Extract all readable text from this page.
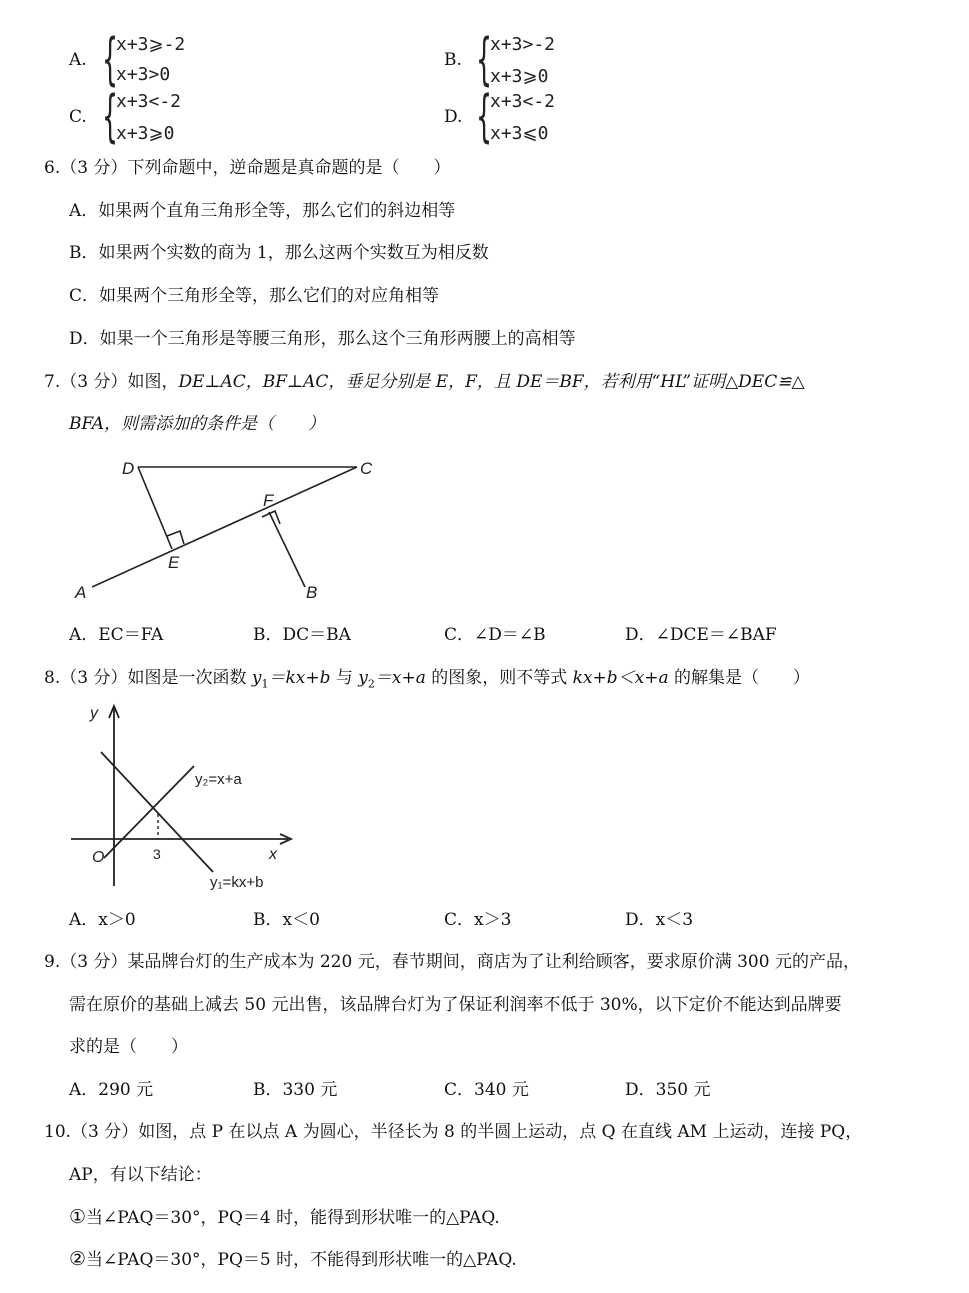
A. {
x+3⩾-2
x+3>0
B. {
x+3>-2
x+3⩾0
C. {
x+3<-2
x+3⩾0
D. {
x+3<-2
x+3⩽0
6.（3 分）下列命题中，逆命题是真命题的是（　　）
A．如果两个直角三角形全等，那么它们的斜边相等
B．如果两个实数的商为 1，那么这两个实数互为相反数
C．如果两个三角形全等，那么它们的对应角相等
D．如果一个三角形是等腰三角形，那么这个三角形两腰上的高相等
7.（3 分）如图，DE⊥AC，BF⊥AC，垂足分别是 E，F，且 DE＝BF，若利用“HL”证明△DEC≌△
BFA，则需添加的条件是（　　）
D	C
F
E
A	B
A．EC＝FA	B．DC＝BA	C．∠D＝∠B	D．∠DCE＝∠BAF
8.（3 分）如图是一次函数 $y_1=kx+b$ 与 $y_2=x+a$ 的图象，则不等式 kx+b＜x+a 的解集是（　　）
y
x
O	3
y₂=x+a
y₁=kx+b
A．x＞0	B．x＜0	C．x＞3	D．x＜3
9.（3 分）某品牌台灯的生产成本为 220 元，春节期间，商店为了让利给顾客，要求原价满 300 元的产品，
需在原价的基础上减去 50 元出售，该品牌台灯为了保证利润率不低于 30%，以下定价不能达到品牌要
求的是（　　）
A．290 元	B．330 元	C．340 元	D．350 元
10.（3 分）如图，点 P 在以点 A 为圆心，半径长为 8 的半圆上运动，点 Q 在直线 AM 上运动，连接 PQ，
AP，有以下结论：
①当∠PAQ＝30°，PQ＝4 时，能得到形状唯一的△PAQ.
②当∠PAQ＝30°，PQ＝5 时，不能得到形状唯一的△PAQ.
